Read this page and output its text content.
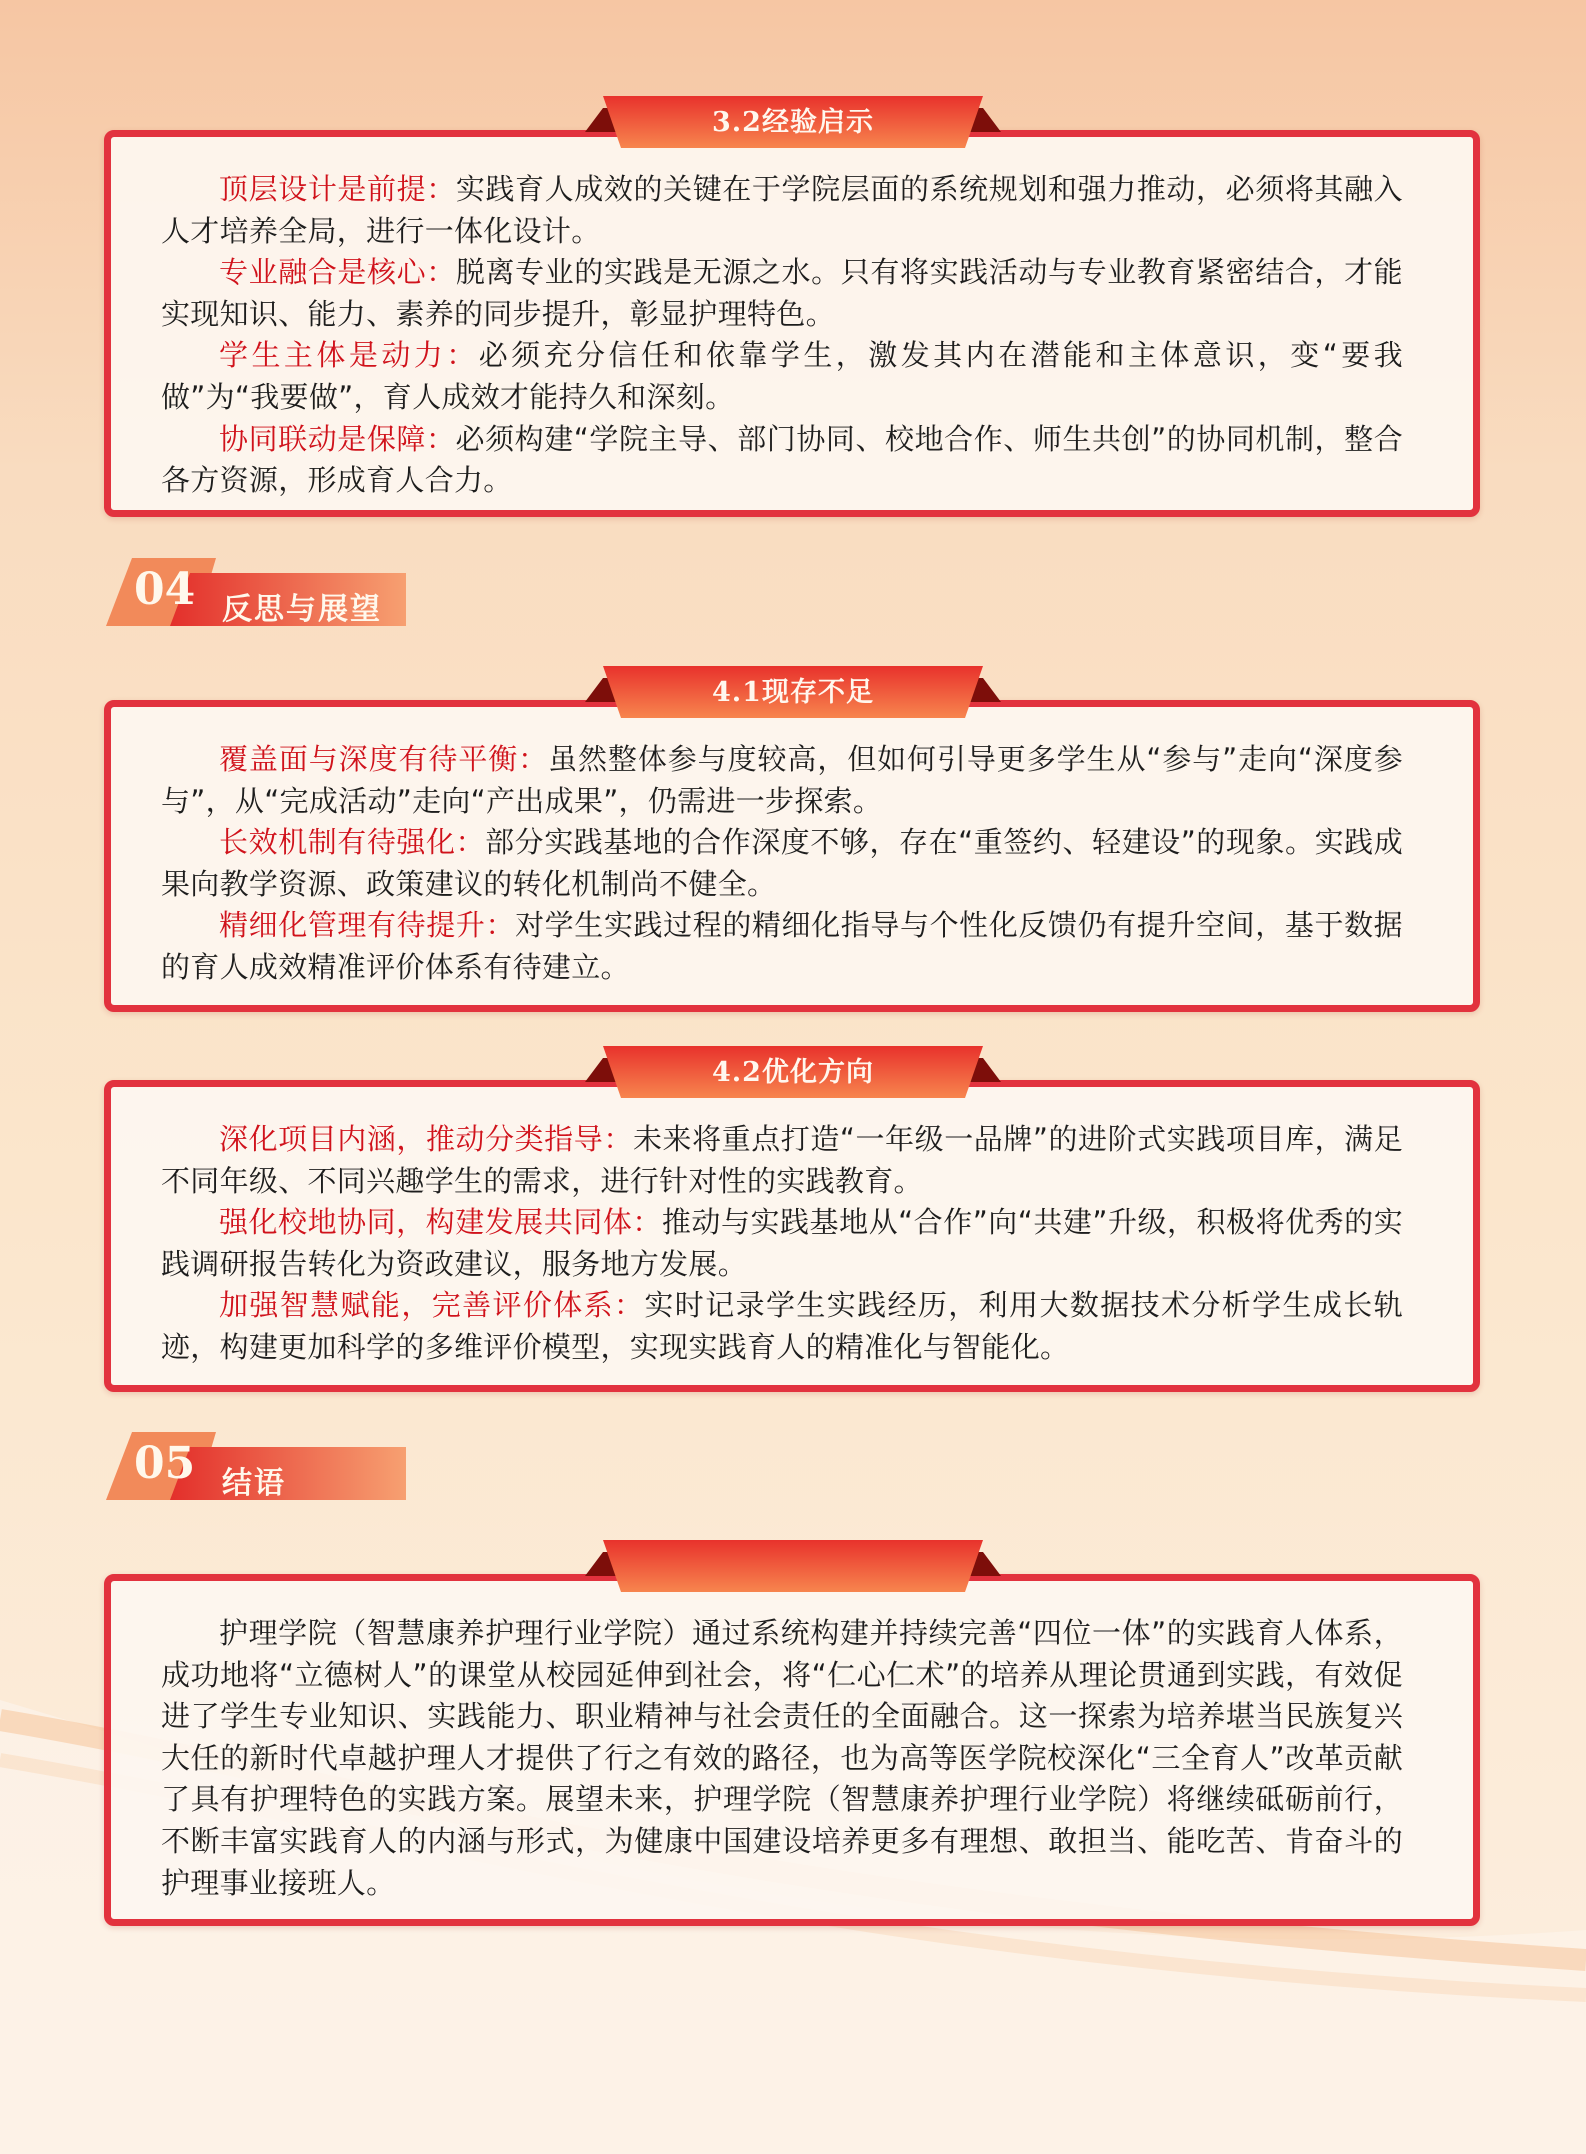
3.2经验启示

顶层设计是前提：实践育人成效的关键在于学院层面的系统规划和强力推动，必须将其融入人才培养全局，进行一体化设计。

专业融合是核心：脱离专业的实践是无源之水。只有将实践活动与专业教育紧密结合，才能实现知识、能力、素养的同步提升，彰显护理特色。

学生主体是动力：必须充分信任和依靠学生，激发其内在潜能和主体意识，变“要我做”为“我要做”，育人成效才能持久和深刻。

协同联动是保障：必须构建“学院主导、部门协同、校地合作、师生共创”的协同机制，整合各方资源，形成育人合力。

04 反思与展望
4.1现存不足

覆盖面与深度有待平衡：虽然整体参与度较高，但如何引导更多学生从“参与”走向“深度参与”，从“完成活动”走向“产出成果”，仍需进一步探索。

长效机制有待强化：部分实践基地的合作深度不够，存在“重签约、轻建设”的现象。实践成果向教学资源、政策建议的转化机制尚不健全。

精细化管理有待提升：对学生实践过程的精细化指导与个性化反馈仍有提升空间，基于数据的育人成效精准评价体系有待建立。

4.2优化方向

深化项目内涵，推动分类指导：未来将重点打造“一年级一品牌”的进阶式实践项目库，满足不同年级、不同兴趣学生的需求，进行针对性的实践教育。

强化校地协同，构建发展共同体：推动与实践基地从“合作”向“共建”升级，积极将优秀的实践调研报告转化为资政建议，服务地方发展。

加强智慧赋能，完善评价体系：实时记录学生实践经历，利用大数据技术分析学生成长轨迹，构建更加科学的多维评价模型，实现实践育人的精准化与智能化。

05 结语

护理学院（智慧康养护理行业学院）通过系统构建并持续完善“四位一体”的实践育人体系，成功地将“立德树人”的课堂从校园延伸到社会，将“仁心仁术”的培养从理论贯通到实践，有效促进了学生专业知识、实践能力、职业精神与社会责任的全面融合。这一探索为培养堪当民族复兴大任的新时代卓越护理人才提供了行之有效的路径，也为高等医学院校深化“三全育人”改革贡献了具有护理特色的实践方案。展望未来，护理学院（智慧康养护理行业学院）将继续砥砺前行，不断丰富实践育人的内涵与形式，为健康中国建设培养更多有理想、敢担当、能吃苦、肯奋斗的护理事业接班人。
